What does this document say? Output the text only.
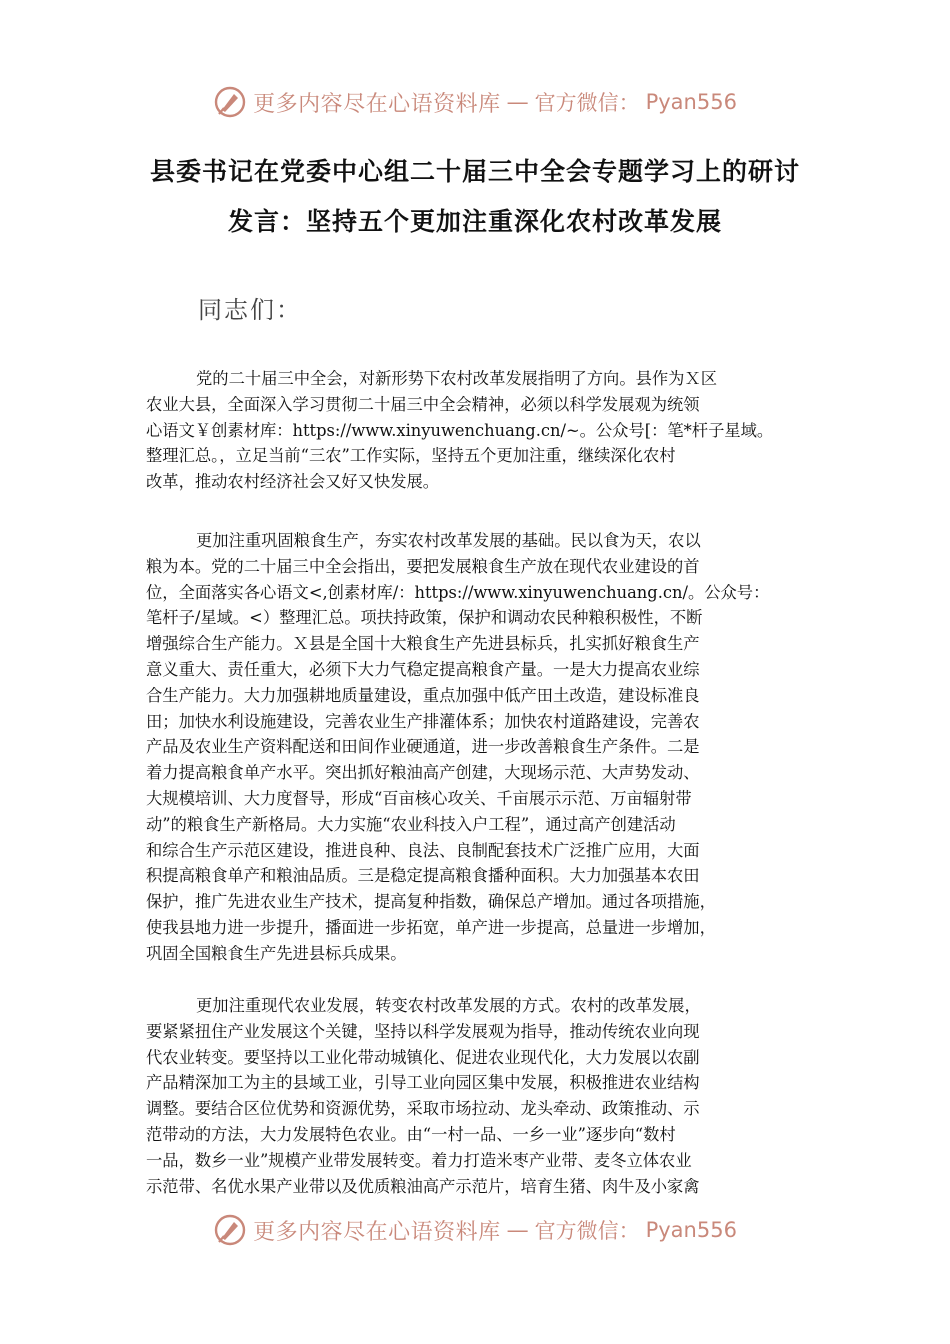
更多内容尽在心语资料库 — 官方微信： Pyan556
县委书记在党委中心组二十届三中全会专题学习上的研讨
发言：坚持五个更加注重深化农村改革发展
同志们：
党的二十届三中全会，对新形势下农村改革发展指明了方向。县作为Ｘ区
农业大县，全面深入学习贯彻二十届三中全会精神，必须以科学发展观为统领
心语文￥创素材库：https://www.xinyuwenchuang.cn/~。公众号[：笔*杆子星域。
整理汇总。，立足当前“三农”工作实际，坚持五个更加注重，继续深化农村
改革，推动农村经济社会又好又快发展。
更加注重巩固粮食生产，夯实农村改革发展的基础。民以食为天，农以
粮为本。党的二十届三中全会指出，要把发展粮食生产放在现代农业建设的首
位，全面落实各心语文<,创素材库/：https://www.xinyuwenchuang.cn/。公众号：
笔杆子/星域。<）整理汇总。项扶持政策，保护和调动农民种粮积极性，不断
增强综合生产能力。Ｘ县是全国十大粮食生产先进县标兵，扎实抓好粮食生产
意义重大、责任重大，必须下大力气稳定提高粮食产量。一是大力提高农业综
合生产能力。大力加强耕地质量建设，重点加强中低产田土改造，建设标准良
田；加快水利设施建设，完善农业生产排灌体系；加快农村道路建设，完善农
产品及农业生产资料配送和田间作业硬通道，进一步改善粮食生产条件。二是
着力提高粮食单产水平。突出抓好粮油高产创建，大现场示范、大声势发动、
大规模培训、大力度督导，形成“百亩核心攻关、千亩展示示范、万亩辐射带
动”的粮食生产新格局。大力实施“农业科技入户工程”，通过高产创建活动
和综合生产示范区建设，推进良种、良法、良制配套技术广泛推广应用，大面
积提高粮食单产和粮油品质。三是稳定提高粮食播种面积。大力加强基本农田
保护，推广先进农业生产技术，提高复种指数，确保总产增加。通过各项措施，
使我县地力进一步提升，播面进一步拓宽，单产进一步提高，总量进一步增加，
巩固全国粮食生产先进县标兵成果。
更加注重现代农业发展，转变农村改革发展的方式。农村的改革发展，
要紧紧扭住产业发展这个关键，坚持以科学发展观为指导，推动传统农业向现
代农业转变。要坚持以工业化带动城镇化、促进农业现代化，大力发展以农副
产品精深加工为主的县域工业，引导工业向园区集中发展，积极推进农业结构
调整。要结合区位优势和资源优势，采取市场拉动、龙头牵动、政策推动、示
范带动的方法，大力发展特色农业。由“一村一品、一乡一业”逐步向“数村
一品，数乡一业”规模产业带发展转变。着力打造米枣产业带、麦冬立体农业
示范带、名优水果产业带以及优质粮油高产示范片，培育生猪、肉牛及小家禽
更多内容尽在心语资料库 — 官方微信： Pyan556
